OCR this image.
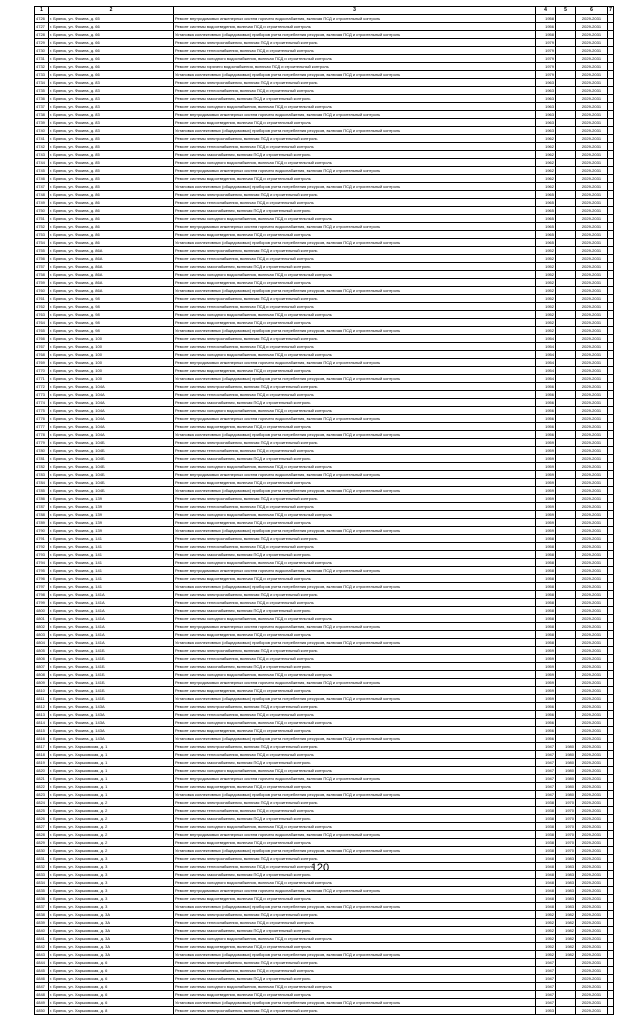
1	2	3	4	5	6	7
4726	г. Брянск, ул. Фокина, д. 65	Ремонт внутридомовых инженерных систем горячего водоснабжения, включая ПСД и строительный контроль	1958		2029-2031	
4727	г. Брянск, ул. Фокина, д. 66	Ремонт системы водоотведения, включая ПСД и строительный контроль	1956		2029-2031	
4728	г. Брянск, ул. Фокина, д. 66	Установка коллективных (общедомовых) приборов учета потребления ресурсов, включая ПСД и строительный контроль	1958		2029-2031	
4729	г. Брянск, ул. Фокина, д. 66	Ремонт системы электроснабжения, включая ПСД и строительный контроль	1979		2029-2031	
4730	г. Брянск, ул. Фокина, д. 66	Ремонт системы теплоснабжения, включая ПСД и строительный контроль	1979		2029-2031	
4731	г. Брянск, ул. Фокина, д. 66	Ремонт системы холодного водоснабжения, включая ПСД и строительный контроль	1979		2029-2031	
4732	г. Брянск, ул. Фокина, д. 66	Ремонт системы горячего водоснабжения, включая ПСД и строительный контроль	1979		2029-2031	
4733	г. Брянск, ул. Фокина, д. 66	Установка коллективных (общедомовых) приборов учета потребления ресурсов, включая ПСД и строительный контроль	1979		2029-2031	
4734	г. Брянск, ул. Фокина, д. 83	Ремонт системы электроснабжения, включая ПСД и строительный контроль	1963		2029-2031	
4735	г. Брянск, ул. Фокина, д. 83	Ремонт системы теплоснабжения, включая ПСД и строительный контроль	1963		2029-2031	
4736	г. Брянск, ул. Фокина, д. 83	Ремонт системы газоснабжения, включая ПСД и строительный контроль	1963		2029-2031	
4737	г. Брянск, ул. Фокина, д. 83	Ремонт системы холодного водоснабжения, включая ПСД и строительный контроль	1963		2029-2031	
4738	г. Брянск, ул. Фокина, д. 83	Ремонт внутридомовых инженерных систем горячего водоснабжения, включая ПСД и строительный контроль	1963		2029-2031	
4739	г. Брянск, ул. Фокина, д. 83	Ремонт системы водоотведения, включая ПСД и строительный контроль	1963		2029-2031	
4740	г. Брянск, ул. Фокина, д. 83	Установка коллективных (общедомовых) приборов учета потребления ресурсов, включая ПСД и строительный контроль	1963		2029-2031	
4741	г. Брянск, ул. Фокина, д. 85	Ремонт системы электроснабжения, включая ПСД и строительный контроль	1962		2029-2031	
4742	г. Брянск, ул. Фокина, д. 85	Ремонт системы теплоснабжения, включая ПСД и строительный контроль	1962		2029-2031	
4743	г. Брянск, ул. Фокина, д. 85	Ремонт системы газоснабжения, включая ПСД и строительный контроль	1962		2029-2031	
4744	г. Брянск, ул. Фокина, д. 85	Ремонт системы холодного водоснабжения, включая ПСД и строительный контроль	1962		2029-2031	
4745	г. Брянск, ул. Фокина, д. 85	Ремонт внутридомовых инженерных систем горячего водоснабжения, включая ПСД и строительный контроль	1962		2029-2031	
4746	г. Брянск, ул. Фокина, д. 85	Ремонт системы водоотведения, включая ПСД и строительный контроль	1962		2029-2031	
4747	г. Брянск, ул. Фокина, д. 85	Установка коллективных (общедомовых) приборов учета потребления ресурсов, включая ПСД и строительный контроль	1962		2029-2031	
4748	г. Брянск, ул. Фокина, д. 86	Ремонт системы электроснабжения, включая ПСД и строительный контроль	1965		2029-2031	
4749	г. Брянск, ул. Фокина, д. 86	Ремонт системы теплоснабжения, включая ПСД и строительный контроль	1965		2029-2031	
4750	г. Брянск, ул. Фокина, д. 86	Ремонт системы газоснабжения, включая ПСД и строительный контроль	1965		2029-2031	
4751	г. Брянск, ул. Фокина, д. 86	Ремонт системы холодного водоснабжения, включая ПСД и строительный контроль	1965		2029-2031	
4752	г. Брянск, ул. Фокина, д. 86	Ремонт внутридомовых инженерных систем горячего водоснабжения, включая ПСД и строительный контроль	1965		2029-2031	
4753	г. Брянск, ул. Фокина, д. 86	Ремонт системы водоотведения, включая ПСД и строительный контроль	1965		2029-2031	
4754	г. Брянск, ул. Фокина, д. 86	Установка коллективных (общедомовых) приборов учета потребления ресурсов, включая ПСД и строительный контроль	1965		2029-2031	
4755	г. Брянск, ул. Фокина, д. 86А	Ремонт системы электроснабжения, включая ПСД и строительный контроль	1952		2029-2031	
4756	г. Брянск, ул. Фокина, д. 86А	Ремонт системы теплоснабжения, включая ПСД и строительный контроль	1952		2029-2031	
4757	г. Брянск, ул. Фокина, д. 86А	Ремонт системы газоснабжения, включая ПСД и строительный контроль	1952		2029-2031	
4758	г. Брянск, ул. Фокина, д. 86А	Ремонт системы холодного водоснабжения, включая ПСД и строительный контроль	1952		2029-2031	
4759	г. Брянск, ул. Фокина, д. 86А	Ремонт системы водоотведения, включая ПСД и строительный контроль	1952		2029-2031	
4760	г. Брянск, ул. Фокина, д. 86А	Установка коллективных (общедомовых) приборов учета потребления ресурсов, включая ПСД и строительный контроль	1952		2029-2031	
4761	г. Брянск, ул. Фокина, д. 98	Ремонт системы электроснабжения, включая ПСД и строительный контроль	1952		2029-2031	
4762	г. Брянск, ул. Фокина, д. 98	Ремонт системы теплоснабжения, включая ПСД и строительный контроль	1952		2029-2031	
4763	г. Брянск, ул. Фокина, д. 98	Ремонт системы холодного водоснабжения, включая ПСД и строительный контроль	1952		2029-2031	
4764	г. Брянск, ул. Фокина, д. 98	Ремонт системы водоотведения, включая ПСД и строительный контроль	1952		2029-2031	
4765	г. Брянск, ул. Фокина, д. 98	Установка коллективных (общедомовых) приборов учета потребления ресурсов, включая ПСД и строительный контроль	1952		2029-2031	
4766	г. Брянск, ул. Фокина, д. 100	Ремонт системы электроснабжения, включая ПСД и строительный контроль	1954		2029-2031	
4767	г. Брянск, ул. Фокина, д. 100	Ремонт системы теплоснабжения, включая ПСД и строительный контроль	1954		2029-2031	
4768	г. Брянск, ул. Фокина, д. 100	Ремонт системы холодного водоснабжения, включая ПСД и строительный контроль	1954		2029-2031	
4769	г. Брянск, ул. Фокина, д. 100	Ремонт внутридомовых инженерных систем горячего водоснабжения, включая ПСД и строительный контроль	1954		2029-2031	
4770	г. Брянск, ул. Фокина, д. 100	Ремонт системы водоотведения, включая ПСД и строительный контроль	1954		2029-2031	
4771	г. Брянск, ул. Фокина, д. 100	Установка коллективных (общедомовых) приборов учета потребления ресурсов, включая ПСД и строительный контроль	1954		2029-2031	
4772	г. Брянск, ул. Фокина, д. 104А	Ремонт системы электроснабжения, включая ПСД и строительный контроль	1956		2029-2031	
4773	г. Брянск, ул. Фокина, д. 104А	Ремонт системы теплоснабжения, включая ПСД и строительный контроль	1956		2029-2031	
4774	г. Брянск, ул. Фокина, д. 104А	Ремонт системы газоснабжения, включая ПСД и строительный контроль	1956		2029-2031	
4775	г. Брянск, ул. Фокина, д. 104А	Ремонт системы холодного водоснабжения, включая ПСД и строительный контроль	1956		2029-2031	
4776	г. Брянск, ул. Фокина, д. 104А	Ремонт внутридомовых инженерных систем горячего водоснабжения, включая ПСД и строительный контроль	1956		2029-2031	
4777	г. Брянск, ул. Фокина, д. 104А	Ремонт системы водоотведения, включая ПСД и строительный контроль	1956		2029-2031	
4778	г. Брянск, ул. Фокина, д. 104А	Установка коллективных (общедомовых) приборов учета потребления ресурсов, включая ПСД и строительный контроль	1956		2029-2031	
4779	г. Брянск, ул. Фокина, д. 104Б	Ремонт системы электроснабжения, включая ПСД и строительный контроль	1959		2029-2031	
4780	г. Брянск, ул. Фокина, д. 104Б	Ремонт системы теплоснабжения, включая ПСД и строительный контроль	1959		2029-2031	
4781	г. Брянск, ул. Фокина, д. 104Б	Ремонт системы газоснабжения, включая ПСД и строительный контроль	1959		2029-2031	
4782	г. Брянск, ул. Фокина, д. 104Б	Ремонт системы холодного водоснабжения, включая ПСД и строительный контроль	1959		2029-2031	
4783	г. Брянск, ул. Фокина, д. 104Б	Ремонт внутридомовых инженерных систем горячего водоснабжения, включая ПСД и строительный контроль	1959		2029-2031	
4784	г. Брянск, ул. Фокина, д. 104Б	Ремонт системы водоотведения, включая ПСД и строительный контроль	1959		2029-2031	
4785	г. Брянск, ул. Фокина, д. 104Б	Установка коллективных (общедомовых) приборов учета потребления ресурсов, включая ПСД и строительный контроль	1959		2029-2031	
4786	г. Брянск, ул. Фокина, д. 139	Ремонт системы электроснабжения, включая ПСД и строительный контроль	1959		2029-2031	
4787	г. Брянск, ул. Фокина, д. 139	Ремонт системы теплоснабжения, включая ПСД и строительный контроль	1959		2029-2031	
4788	г. Брянск, ул. Фокина, д. 139	Ремонт системы холодного водоснабжения, включая ПСД и строительный контроль	1959		2029-2031	
4789	г. Брянск, ул. Фокина, д. 139	Ремонт системы водоотведения, включая ПСД и строительный контроль	1959		2029-2031	
4790	г. Брянск, ул. Фокина, д. 139	Установка коллективных (общедомовых) приборов учета потребления ресурсов, включая ПСД и строительный контроль	1959		2029-2031	
4791	г. Брянск, ул. Фокина, д. 141	Ремонт системы электроснабжения, включая ПСД и строительный контроль	1958		2029-2031	
4792	г. Брянск, ул. Фокина, д. 141	Ремонт системы теплоснабжения, включая ПСД и строительный контроль	1958		2029-2031	
4793	г. Брянск, ул. Фокина, д. 141	Ремонт системы газоснабжения, включая ПСД и строительный контроль	1958		2029-2031	
4794	г. Брянск, ул. Фокина, д. 141	Ремонт системы холодного водоснабжения, включая ПСД и строительный контроль	1958		2029-2031	
4795	г. Брянск, ул. Фокина, д. 141	Ремонт внутридомовых инженерных систем горячего водоснабжения, включая ПСД и строительный контроль	1958		2029-2031	
4796	г. Брянск, ул. Фокина, д. 141	Ремонт системы водоотведения, включая ПСД и строительный контроль	1958		2029-2031	
4797	г. Брянск, ул. Фокина, д. 141	Установка коллективных (общедомовых) приборов учета потребления ресурсов, включая ПСД и строительный контроль	1958		2029-2031	
4798	г. Брянск, ул. Фокина, д. 141А	Ремонт системы электроснабжения, включая ПСД и строительный контроль	1958		2029-2031	
4799	г. Брянск, ул. Фокина, д. 141А	Ремонт системы теплоснабжения, включая ПСД и строительный контроль	1958		2029-2031	
4800	г. Брянск, ул. Фокина, д. 141А	Ремонт системы газоснабжения, включая ПСД и строительный контроль	1958		2029-2031	
4801	г. Брянск, ул. Фокина, д. 141А	Ремонт системы холодного водоснабжения, включая ПСД и строительный контроль	1958		2029-2031	
4802	г. Брянск, ул. Фокина, д. 141А	Ремонт внутридомовых инженерных систем горячего водоснабжения, включая ПСД и строительный контроль	1958		2029-2031	
4803	г. Брянск, ул. Фокина, д. 141А	Ремонт системы водоотведения, включая ПСД и строительный контроль	1958		2029-2031	
4804	г. Брянск, ул. Фокина, д. 141А	Установка коллективных (общедомовых) приборов учета потребления ресурсов, включая ПСД и строительный контроль	1958		2029-2031	
4805	г. Брянск, ул. Фокина, д. 141Б	Ремонт системы электроснабжения, включая ПСД и строительный контроль	1959		2029-2031	
4806	г. Брянск, ул. Фокина, д. 141Б	Ремонт системы теплоснабжения, включая ПСД и строительный контроль	1959		2029-2031	
4807	г. Брянск, ул. Фокина, д. 141Б	Ремонт системы газоснабжения, включая ПСД и строительный контроль	1959		2029-2031	
4808	г. Брянск, ул. Фокина, д. 141Б	Ремонт системы холодного водоснабжения, включая ПСД и строительный контроль	1959		2029-2031	
4809	г. Брянск, ул. Фокина, д. 141Б	Ремонт внутридомовых инженерных систем горячего водоснабжения, включая ПСД и строительный контроль	1959		2029-2031	
4810	г. Брянск, ул. Фокина, д. 141Б	Ремонт системы водоотведения, включая ПСД и строительный контроль	1959		2029-2031	
4811	г. Брянск, ул. Фокина, д. 141Б	Установка коллективных (общедомовых) приборов учета потребления ресурсов, включая ПСД и строительный контроль	1959		2029-2031	
4812	г. Брянск, ул. Фокина, д. 143А	Ремонт системы электроснабжения, включая ПСД и строительный контроль	1956		2029-2031	
4813	г. Брянск, ул. Фокина, д. 143А	Ремонт системы теплоснабжения, включая ПСД и строительный контроль	1956		2029-2031	
4814	г. Брянск, ул. Фокина, д. 143А	Ремонт системы холодного водоснабжения, включая ПСД и строительный контроль	1956		2029-2031	
4815	г. Брянск, ул. Фокина, д. 143А	Ремонт системы водоотведения, включая ПСД и строительный контроль	1956		2029-2031	
4816	г. Брянск, ул. Фокина, д. 143А	Установка коллективных (общедомовых) приборов учета потребления ресурсов, включая ПСД и строительный контроль	1956		2029-2031	
4817	г. Брянск, ул. Харьковская, д. 1	Ремонт системы электроснабжения, включая ПСД и строительный контроль	1947	1980	2029-2031	
4818	г. Брянск, ул. Харьковская, д. 1	Ремонт системы теплоснабжения, включая ПСД и строительный контроль	1947	1980	2029-2031	
4819	г. Брянск, ул. Харьковская, д. 1	Ремонт системы газоснабжения, включая ПСД и строительный контроль	1947	1980	2029-2031	
4820	г. Брянск, ул. Харьковская, д. 1	Ремонт системы холодного водоснабжения, включая ПСД и строительный контроль	1947	1980	2029-2031	
4821	г. Брянск, ул. Харьковская, д. 1	Ремонт внутридомовых инженерных систем горячего водоснабжения, включая ПСД и строительный контроль	1947	1980	2029-2031	
4822	г. Брянск, ул. Харьковская, д. 1	Ремонт системы водоотведения, включая ПСД и строительный контроль	1947	1980	2029-2031	
4823	г. Брянск, ул. Харьковская, д. 1	Установка коллективных (общедомовых) приборов учета потребления ресурсов, включая ПСД и строительный контроль	1947	1980	2029-2031	
4824	г. Брянск, ул. Харьковская, д. 2	Ремонт системы электроснабжения, включая ПСД и строительный контроль	1938	1970	2029-2031	
4825	г. Брянск, ул. Харьковская, д. 2	Ремонт системы теплоснабжения, включая ПСД и строительный контроль	1938	1970	2029-2031	
4826	г. Брянск, ул. Харьковская, д. 2	Ремонт системы газоснабжения, включая ПСД и строительный контроль	1938	1970	2029-2031	
4827	г. Брянск, ул. Харьковская, д. 2	Ремонт системы холодного водоснабжения, включая ПСД и строительный контроль	1938	1970	2029-2031	
4828	г. Брянск, ул. Харьковская, д. 2	Ремонт внутридомовых инженерных систем горячего водоснабжения, включая ПСД и строительный контроль	1938	1970	2029-2031	
4829	г. Брянск, ул. Харьковская, д. 2	Ремонт системы водоотведения, включая ПСД и строительный контроль	1938	1970	2029-2031	
4830	г. Брянск, ул. Харьковская, д. 2	Установка коллективных (общедомовых) приборов учета потребления ресурсов, включая ПСД и строительный контроль	1938	1970	2029-2031	
4831	г. Брянск, ул. Харьковская, д. 3	Ремонт системы электроснабжения, включая ПСД и строительный контроль	1948	1983	2029-2031	
4832	г. Брянск, ул. Харьковская, д. 3	Ремонт системы теплоснабжения, включая ПСД и строительный контроль	1948	1983	2029-2031	
4833	г. Брянск, ул. Харьковская, д. 3	Ремонт системы газоснабжения, включая ПСД и строительный контроль	1948	1983	2029-2031	
4834	г. Брянск, ул. Харьковская, д. 3	Ремонт системы холодного водоснабжения, включая ПСД и строительный контроль	1948	1983	2029-2031	
4835	г. Брянск, ул. Харьковская, д. 3	Ремонт внутридомовых инженерных систем горячего водоснабжения, включая ПСД и строительный контроль	1948	1983	2029-2031	
4836	г. Брянск, ул. Харьковская, д. 3	Ремонт системы водоотведения, включая ПСД и строительный контроль	1948	1983	2029-2031	
4837	г. Брянск, ул. Харьковская, д. 3	Установка коллективных (общедомовых) приборов учета потребления ресурсов, включая ПСД и строительный контроль	1948	1983	2029-2031	
4838	г. Брянск, ул. Харьковская, д. 3А	Ремонт системы электроснабжения, включая ПСД и строительный контроль	1952	1982	2029-2031	
4839	г. Брянск, ул. Харьковская, д. 3А	Ремонт системы теплоснабжения, включая ПСД и строительный контроль	1952	1982	2029-2031	
4840	г. Брянск, ул. Харьковская, д. 3А	Ремонт системы газоснабжения, включая ПСД и строительный контроль	1952	1982	2029-2031	
4841	г. Брянск, ул. Харьковская, д. 3А	Ремонт системы холодного водоснабжения, включая ПСД и строительный контроль	1952	1982	2029-2031	
4842	г. Брянск, ул. Харьковская, д. 3А	Ремонт системы водоотведения, включая ПСД и строительный контроль	1952	1982	2029-2031	
4843	г. Брянск, ул. Харьковская, д. 3А	Установка коллективных (общедомовых) приборов учета потребления ресурсов, включая ПСД и строительный контроль	1952	1982	2029-2031	
4844	г. Брянск, ул. Харьковская, д. 6	Ремонт системы электроснабжения, включая ПСД и строительный контроль	1947		2029-2031	
4845	г. Брянск, ул. Харьковская, д. 6	Ремонт системы теплоснабжения, включая ПСД и строительный контроль	1947		2029-2031	
4846	г. Брянск, ул. Харьковская, д. 6	Ремонт системы газоснабжения, включая ПСД и строительный контроль	1947		2029-2031	
4847	г. Брянск, ул. Харьковская, д. 6	Ремонт системы холодного водоснабжения, включая ПСД и строительный контроль	1947		2029-2031	
4848	г. Брянск, ул. Харьковская, д. 6	Ремонт системы водоотведения, включая ПСД и строительный контроль	1947		2029-2031	
4849	г. Брянск, ул. Харьковская, д. 6	Установка коллективных (общедомовых) приборов учета потребления ресурсов, включая ПСД и строительный контроль	1947		2029-2031	
4850	г. Брянск, ул. Харьковская, д. 8	Ремонт системы электроснабжения, включая ПСД и строительный контроль	1953		2029-2031	
120
